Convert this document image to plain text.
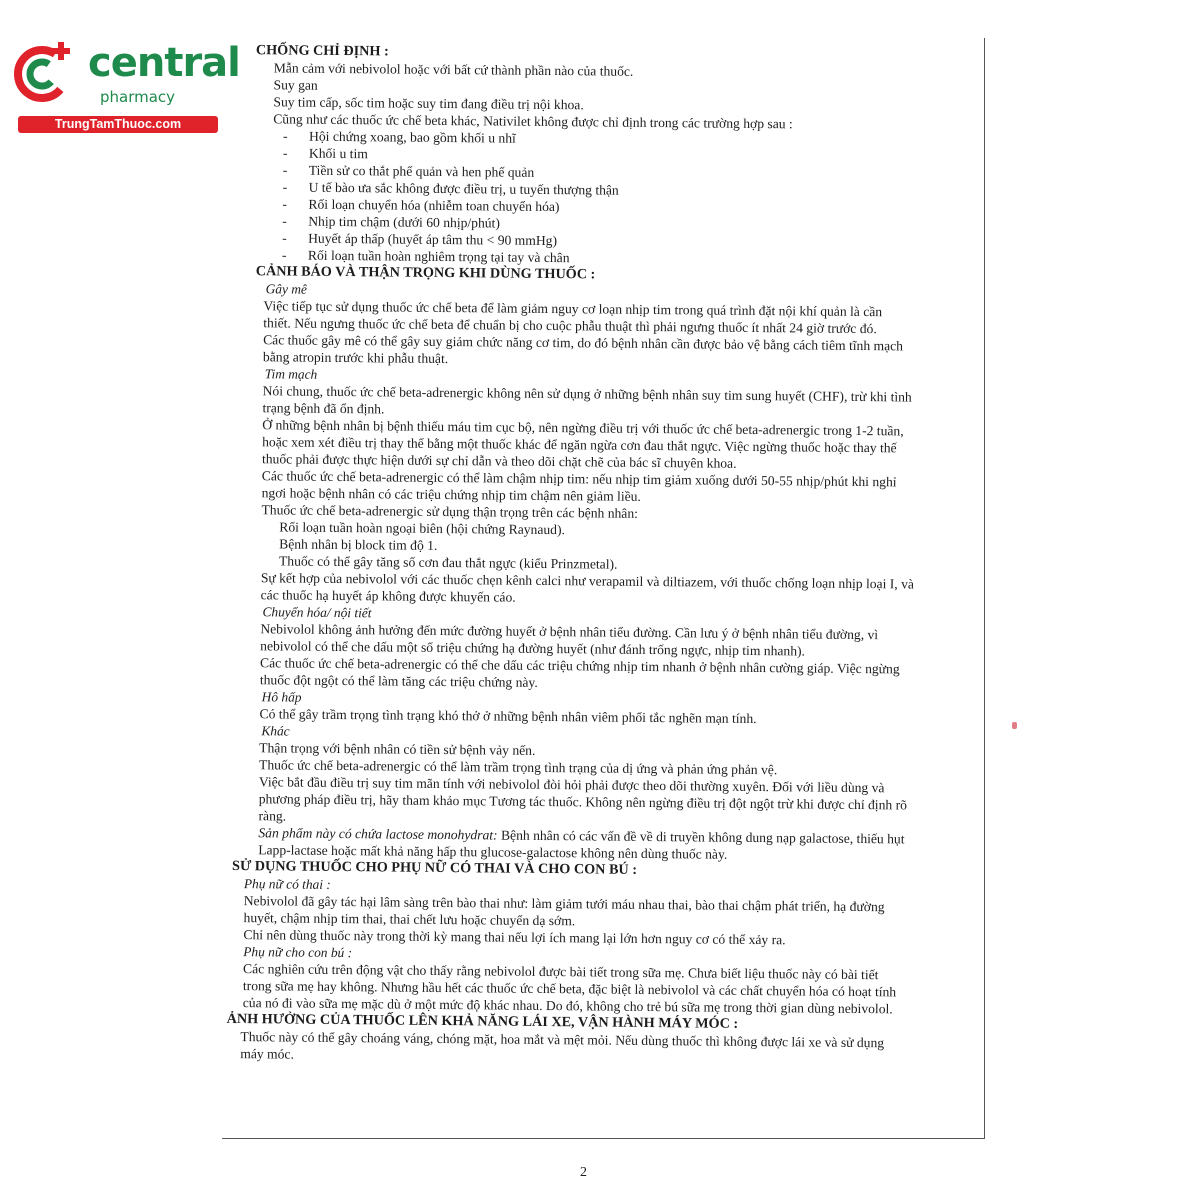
central
pharmacy
TrungTamThuoc.com
CHỐNG CHỈ ĐỊNH :
Mẫn cảm với nebivolol hoặc với bất cứ thành phần nào của thuốc.
Suy gan
Suy tim cấp, sốc tim hoặc suy tim đang điều trị nội khoa.
Cũng như các thuốc ức chế beta khác, Nativilet không được chỉ định trong các trường hợp sau :
- Hội chứng xoang, bao gồm khối u nhĩ
- Khối u tim
- Tiền sử co thắt phế quản và hen phế quản
- U tế bào ưa sắc không được điều trị, u tuyến thượng thận
- Rối loạn chuyển hóa (nhiễm toan chuyển hóa)
- Nhịp tim chậm (dưới 60 nhịp/phút)
- Huyết áp thấp (huyết áp tâm thu < 90 mmHg)
- Rối loạn tuần hoàn nghiêm trọng tại tay và chân
CẢNH BÁO VÀ THẬN TRỌNG KHI DÙNG THUỐC :
Gây mê
Việc tiếp tục sử dụng thuốc ức chế beta để làm giảm nguy cơ loạn nhịp tim trong quá trình đặt nội khí quản là cần
thiết. Nếu ngưng thuốc ức chế beta để chuẩn bị cho cuộc phẫu thuật thì phải ngưng thuốc ít nhất 24 giờ trước đó.
Các thuốc gây mê có thể gây suy giảm chức năng cơ tim, do đó bệnh nhân cần được bảo vệ bằng cách tiêm tĩnh mạch
bằng atropin trước khi phẫu thuật.
Tim mạch
Nói chung, thuốc ức chế beta-adrenergic không nên sử dụng ở những bệnh nhân suy tim sung huyết (CHF), trừ khi tình
trạng bệnh đã ổn định.
Ở những bệnh nhân bị bệnh thiếu máu tim cục bộ, nên ngừng điều trị với thuốc ức chế beta-adrenergic trong 1-2 tuần,
hoặc xem xét điều trị thay thế bằng một thuốc khác để ngăn ngừa cơn đau thắt ngực. Việc ngừng thuốc hoặc thay thế
thuốc phải được thực hiện dưới sự chỉ dẫn và theo dõi chặt chẽ của bác sĩ chuyên khoa.
Các thuốc ức chế beta-adrenergic có thể làm chậm nhịp tim: nếu nhịp tim giảm xuống dưới 50-55 nhịp/phút khi nghỉ
ngơi hoặc bệnh nhân có các triệu chứng nhịp tim chậm nên giảm liều.
Thuốc ức chế beta-adrenergic sử dụng thận trọng trên các bệnh nhân:
Rối loạn tuần hoàn ngoại biên (hội chứng Raynaud).
Bệnh nhân bị block tim độ 1.
Thuốc có thể gây tăng số cơn đau thắt ngực (kiểu Prinzmetal).
Sự kết hợp của nebivolol với các thuốc chẹn kênh calci như verapamil và diltiazem, với thuốc chống loạn nhịp loại I, và
các thuốc hạ huyết áp không được khuyến cáo.
Chuyển hóa/ nội tiết
Nebivolol không ảnh hưởng đến mức đường huyết ở bệnh nhân tiểu đường. Cần lưu ý ở bệnh nhân tiểu đường, vì
nebivolol có thể che dấu một số triệu chứng hạ đường huyết (như đánh trống ngực, nhịp tim nhanh).
Các thuốc ức chế beta-adrenergic có thể che dấu các triệu chứng nhịp tim nhanh ở bệnh nhân cường giáp. Việc ngừng
thuốc đột ngột có thể làm tăng các triệu chứng này.
Hô hấp
Có thể gây trầm trọng tình trạng khó thở ở những bệnh nhân viêm phổi tắc nghẽn mạn tính.
Khác
Thận trọng với bệnh nhân có tiền sử bệnh vảy nến.
Thuốc ức chế beta-adrenergic có thể làm trầm trọng tình trạng của dị ứng và phản ứng phản vệ.
Việc bắt đầu điều trị suy tim mãn tính với nebivolol đòi hỏi phải được theo dõi thường xuyên. Đối với liều dùng và
phương pháp điều trị, hãy tham khảo mục Tương tác thuốc. Không nên ngừng điều trị đột ngột trừ khi được chỉ định rõ
ràng.
Sản phẩm này có chứa lactose monohydrat: Bệnh nhân có các vấn đề về di truyền không dung nạp galactose, thiếu hụt
Lapp-lactase hoặc mất khả năng hấp thu glucose-galactose không nên dùng thuốc này.
SỬ DỤNG THUỐC CHO PHỤ NỮ CÓ THAI VÀ CHO CON BÚ :
Phụ nữ có thai :
Nebivolol đã gây tác hại lâm sàng trên bào thai như: làm giảm tưới máu nhau thai, bào thai chậm phát triển, hạ đường
huyết, chậm nhịp tim thai, thai chết lưu hoặc chuyển dạ sớm.
Chỉ nên dùng thuốc này trong thời kỳ mang thai nếu lợi ích mang lại lớn hơn nguy cơ có thể xảy ra.
Phụ nữ cho con bú :
Các nghiên cứu trên động vật cho thấy rằng nebivolol được bài tiết trong sữa mẹ. Chưa biết liệu thuốc này có bài tiết
trong sữa mẹ hay không. Nhưng hầu hết các thuốc ức chế beta, đặc biệt là nebivolol và các chất chuyển hóa có hoạt tính
của nó đi vào sữa mẹ mặc dù ở một mức độ khác nhau. Do đó, không cho trẻ bú sữa mẹ trong thời gian dùng nebivolol.
ẢNH HƯỞNG CỦA THUỐC LÊN KHẢ NĂNG LÁI XE, VẬN HÀNH MÁY MÓC :
Thuốc này có thể gây choáng váng, chóng mặt, hoa mắt và mệt mỏi. Nếu dùng thuốc thì không được lái xe và sử dụng
máy móc.
2
